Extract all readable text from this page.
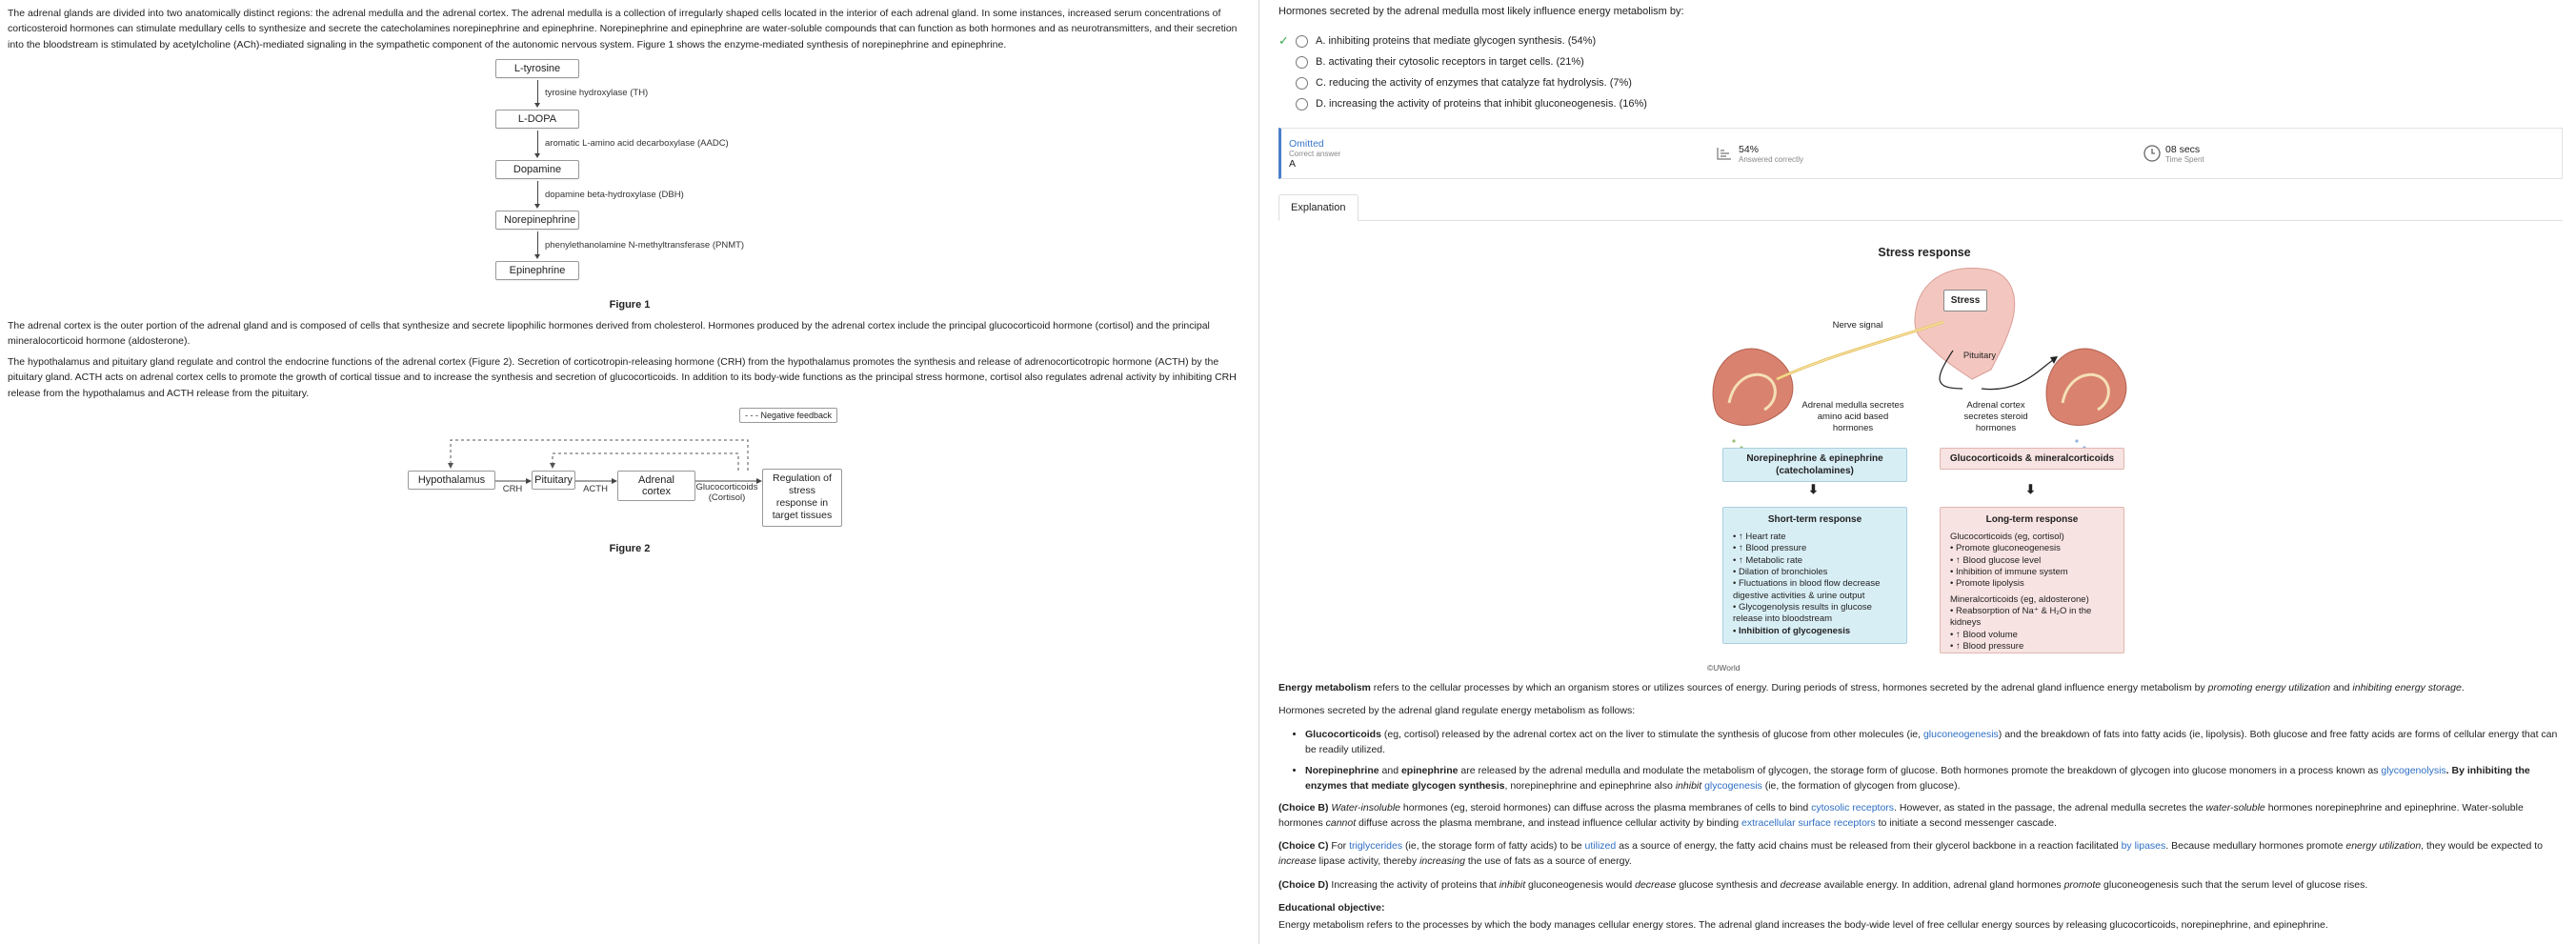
The adrenal glands are divided into two anatomically distinct regions: the adrenal medulla and the adrenal cortex. The adrenal medulla is a collection of irregularly shaped cells located in the interior of each adrenal gland. In some instances, increased serum concentrations of corticosteroid hormones can stimulate medullary cells to synthesize and secrete the catecholamines norepinephrine and epinephrine. Norepinephrine and epinephrine are water-soluble compounds that can function as both hormones and as neurotransmitters, and their secretion into the bloodstream is stimulated by acetylcholine (ACh)-mediated signaling in the sympathetic component of the autonomic nervous system. Figure 1 shows the enzyme-mediated synthesis of norepinephrine and epinephrine.

L-tyrosine
tyrosine hydroxylase (TH)
L-DOPA
aromatic L-amino acid decarboxylase (AADC)
Dopamine
dopamine beta-hydroxylase (DBH)
Norepinephrine
phenylethanolamine N-methyltransferase (PNMT)
Epinephrine
Figure 1

The adrenal cortex is the outer portion of the adrenal gland and is composed of cells that synthesize and secrete lipophilic hormones derived from cholesterol. Hormones produced by the adrenal cortex include the principal glucocorticoid hormone (cortisol) and the principal mineralocorticoid hormone (aldosterone).

The hypothalamus and pituitary gland regulate and control the endocrine functions of the adrenal cortex (Figure 2). Secretion of corticotropin-releasing hormone (CRH) from the hypothalamus promotes the synthesis and release of adrenocorticotropic hormone (ACTH) by the pituitary gland. ACTH acts on adrenal cortex cells to promote the growth of cortical tissue and to increase the synthesis and secretion of glucocorticoids. In addition to its body-wide functions as the principal stress hormone, cortisol also regulates adrenal activity by inhibiting CRH release from the hypothalamus and ACTH release from the pituitary.

- - - Negative feedback
Hypothalamus	Pituitary	Adrenal cortex
Regulation of stress response in target tissues
CRH	ACTH	Glucocorticoids
(Cortisol)
Figure 2
Hormones secreted by the adrenal medulla most likely influence energy metabolism by:
✓	A. inhibiting proteins that mediate glycogen synthesis. (54%)
B. activating their cytosolic receptors in target cells. (21%)
C. reducing the activity of enzymes that catalyze fat hydrolysis. (7%)
D. increasing the activity of proteins that inhibit gluconeogenesis. (16%)
Omitted
Correct answer
A
54%
Answered correctly
08 secs
Time Spent
Explanation
Stress response
Stress
Nerve signal
Pituitary
Adrenal medulla secretes amino acid based hormones
Adrenal cortex secretes steroid hormones
Norepinephrine & epinephrine (catecholamines)
Glucocorticoids & mineralcorticoids
⬇	⬇
Short-term response
• ↑ Heart rate
• ↑ Blood pressure
• ↑ Metabolic rate
• Dilation of bronchioles
• Fluctuations in blood flow decrease digestive activities & urine output
• Glycogenolysis results in glucose release into bloodstream
• Inhibition of glycogenesis
Long-term response
Glucocorticoids (eg, cortisol)
• Promote gluconeogenesis
• ↑ Blood glucose level
• Inhibition of immune system
• Promote lipolysis
Mineralcorticoids (eg, aldosterone)
• Reabsorption of Na⁺ & H₂O in the kidneys
• ↑ Blood volume
• ↑ Blood pressure
©UWorld

Energy metabolism refers to the cellular processes by which an organism stores or utilizes sources of energy. During periods of stress, hormones secreted by the adrenal gland influence energy metabolism by promoting energy utilization and inhibiting energy storage.

Hormones secreted by the adrenal gland regulate energy metabolism as follows:

• Glucocorticoids (eg, cortisol) released by the adrenal cortex act on the liver to stimulate the synthesis of glucose from other molecules (ie, gluconeogenesis) and the breakdown of fats into fatty acids (ie, lipolysis). Both glucose and free fatty acids are forms of cellular energy that can be readily utilized.
• Norepinephrine and epinephrine are released by the adrenal medulla and modulate the metabolism of glycogen, the storage form of glucose. Both hormones promote the breakdown of glycogen into glucose monomers in a process known as glycogenolysis. By inhibiting the enzymes that mediate glycogen synthesis, norepinephrine and epinephrine also inhibit glycogenesis (ie, the formation of glycogen from glucose).

(Choice B) Water-insoluble hormones (eg, steroid hormones) can diffuse across the plasma membranes of cells to bind cytosolic receptors. However, as stated in the passage, the adrenal medulla secretes the water-soluble hormones norepinephrine and epinephrine. Water-soluble hormones cannot diffuse across the plasma membrane, and instead influence cellular activity by binding extracellular surface receptors to initiate a second messenger cascade.

(Choice C) For triglycerides (ie, the storage form of fatty acids) to be utilized as a source of energy, the fatty acid chains must be released from their glycerol backbone in a reaction facilitated by lipases. Because medullary hormones promote energy utilization, they would be expected to increase lipase activity, thereby increasing the use of fats as a source of energy.

(Choice D) Increasing the activity of proteins that inhibit gluconeogenesis would decrease glucose synthesis and decrease available energy. In addition, adrenal gland hormones promote gluconeogenesis such that the serum level of glucose rises.

Educational objective:

Energy metabolism refers to the processes by which the body manages cellular energy stores. The adrenal gland increases the body-wide level of free cellular energy sources by releasing glucocorticoids, norepinephrine, and epinephrine.
